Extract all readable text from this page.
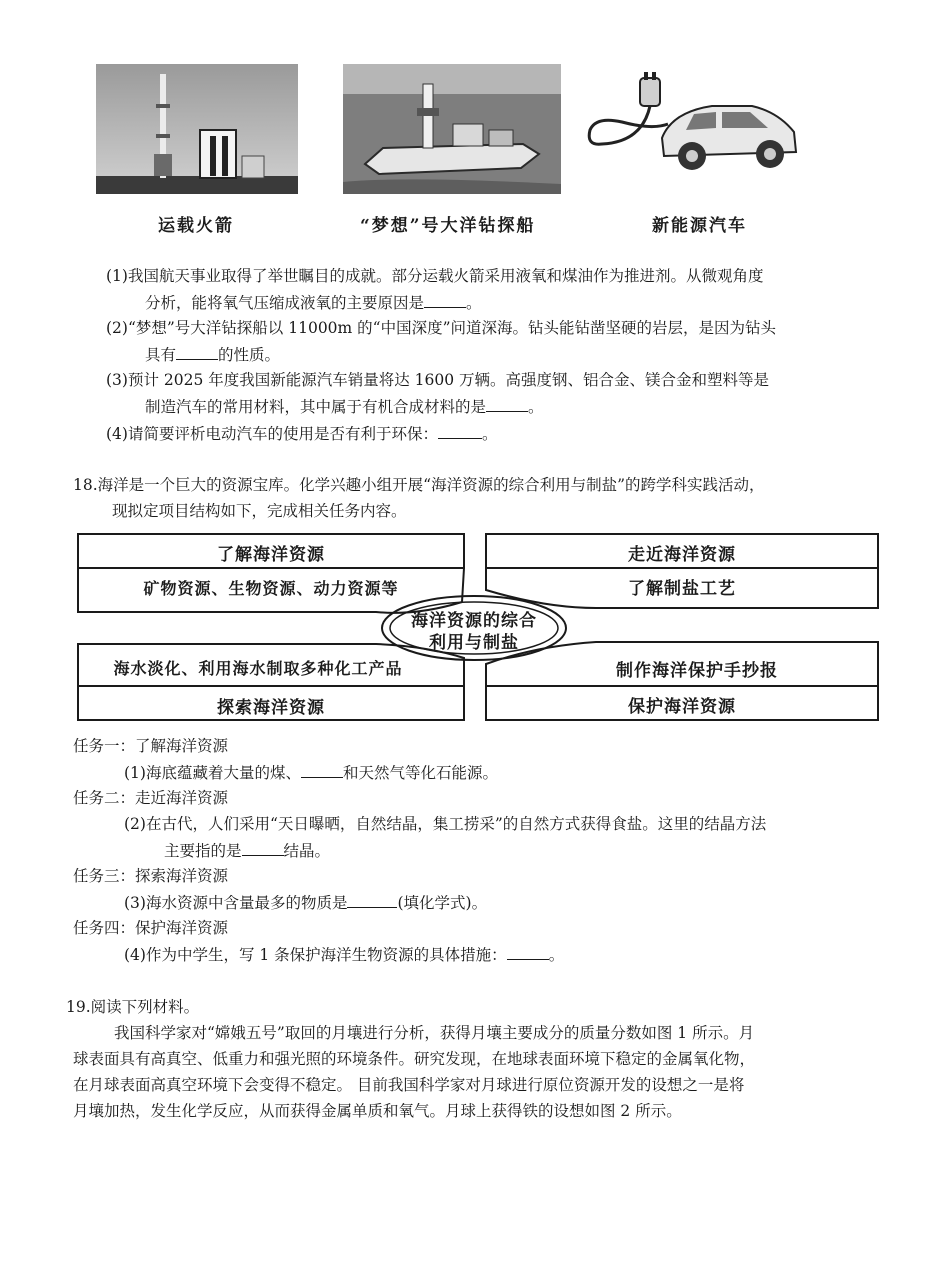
运载火箭	“梦想”号大洋钻探船	新能源汽车
(1)我国航天事业取得了举世瞩目的成就。部分运载火箭采用液氧和煤油作为推进剂。从微观角度
分析，能将氧气压缩成液氧的主要原因是	。
(2)“梦想”号大洋钻探船以 11000m 的“中国深度”问道深海。钻头能钻凿坚硬的岩层，是因为钻头
具有	的性质。
(3)预计 2025 年度我国新能源汽车销量将达 1600 万辆。高强度钢、铝合金、镁合金和塑料等是
制造汽车的常用材料，其中属于有机合成材料的是	。
(4)请简要评析电动汽车的使用是否有利于环保：	。
18.海洋是一个巨大的资源宝库。化学兴趣小组开展“海洋资源的综合利用与制盐”的跨学科实践活动，
现拟定项目结构如下，完成相关任务内容。
了解海洋资源
矿物资源、生物资源、动力资源等
走近海洋资源
了解制盐工艺
海洋资源的综合
利用与制盐
海水淡化、利用海水制取多种化工产品
探索海洋资源
制作海洋保护手抄报
保护海洋资源
任务一：了解海洋资源
(1)海底蕴藏着大量的煤、	和天然气等化石能源。
任务二：走近海洋资源
(2)在古代，人们采用“天日曝晒，自然结晶，集工捞采”的自然方式获得食盐。这里的结晶方法
主要指的是	结晶。
任务三：探索海洋资源
(3)海水资源中含量最多的物质是	(填化学式)。
任务四：保护海洋资源
(4)作为中学生，写 1 条保护海洋生物资源的具体措施：	。
19.阅读下列材料。
我国科学家对“嫦娥五号”取回的月壤进行分析，获得月壤主要成分的质量分数如图 1 所示。月
球表面具有高真空、低重力和强光照的环境条件。研究发现，在地球表面环境下稳定的金属氧化物，
在月球表面高真空环境下会变得不稳定。 目前我国科学家对月球进行原位资源开发的设想之一是将
月壤加热，发生化学反应，从而获得金属单质和氧气。月球上获得铁的设想如图 2 所示。
